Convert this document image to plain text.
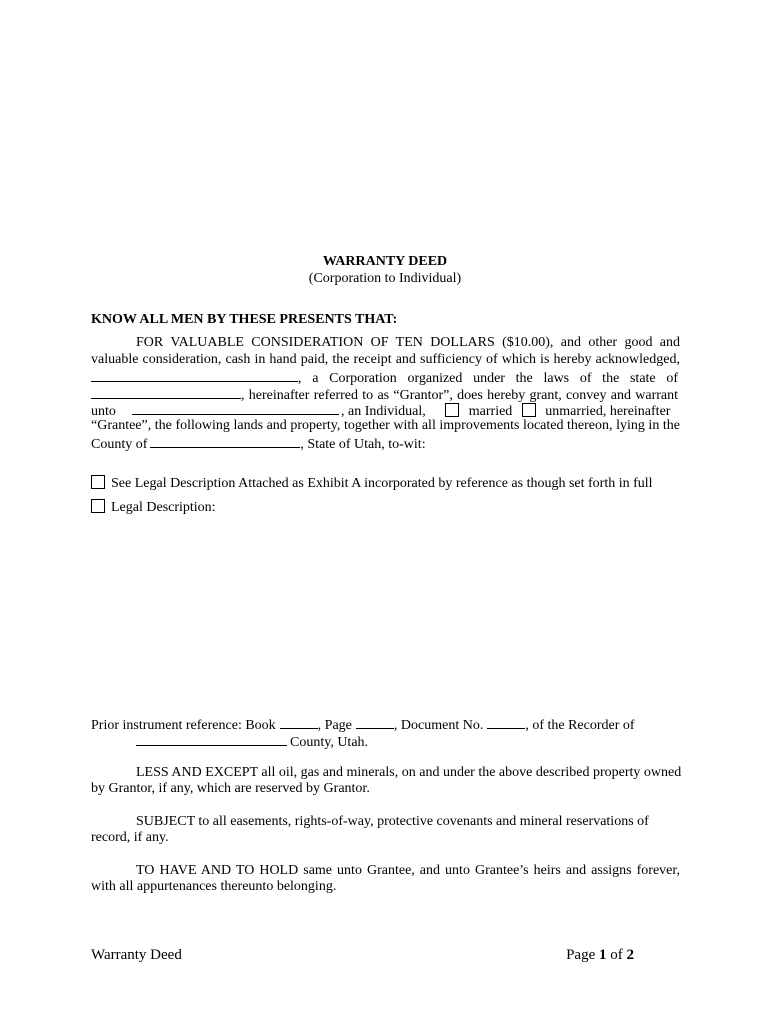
WARRANTY DEED
(Corporation to Individual)
KNOW ALL MEN BY THESE PRESENTS THAT:
FOR VALUABLE CONSIDERATION OF TEN DOLLARS ($10.00), and other good and
valuable consideration, cash in hand paid, the receipt and sufficiency of which is hereby acknowledged,
, a Corporation organized under the laws of the state of
, hereinafter referred to as “Grantor”, does hereby grant, convey and warrant
unto	, an Individual,	married unmarried, hereinafter
“Grantee”, the following lands and property, together with all improvements located thereon, lying in the
County of	, State of Utah, to-wit:
See Legal Description Attached as Exhibit A incorporated by reference as though set forth in full
Legal Description:
Prior instrument reference: Book	, Page	, Document No.	, of the Recorder of
County, Utah.
LESS AND EXCEPT all oil, gas and minerals, on and under the above described property owned
by Grantor, if any, which are reserved by Grantor.
SUBJECT to all easements, rights-of-way, protective covenants and mineral reservations of
record, if any.
TO HAVE AND TO HOLD same unto Grantee, and unto Grantee’s heirs and assigns forever,
with all appurtenances thereunto belonging.
Warranty Deed	Page 1 of 2
